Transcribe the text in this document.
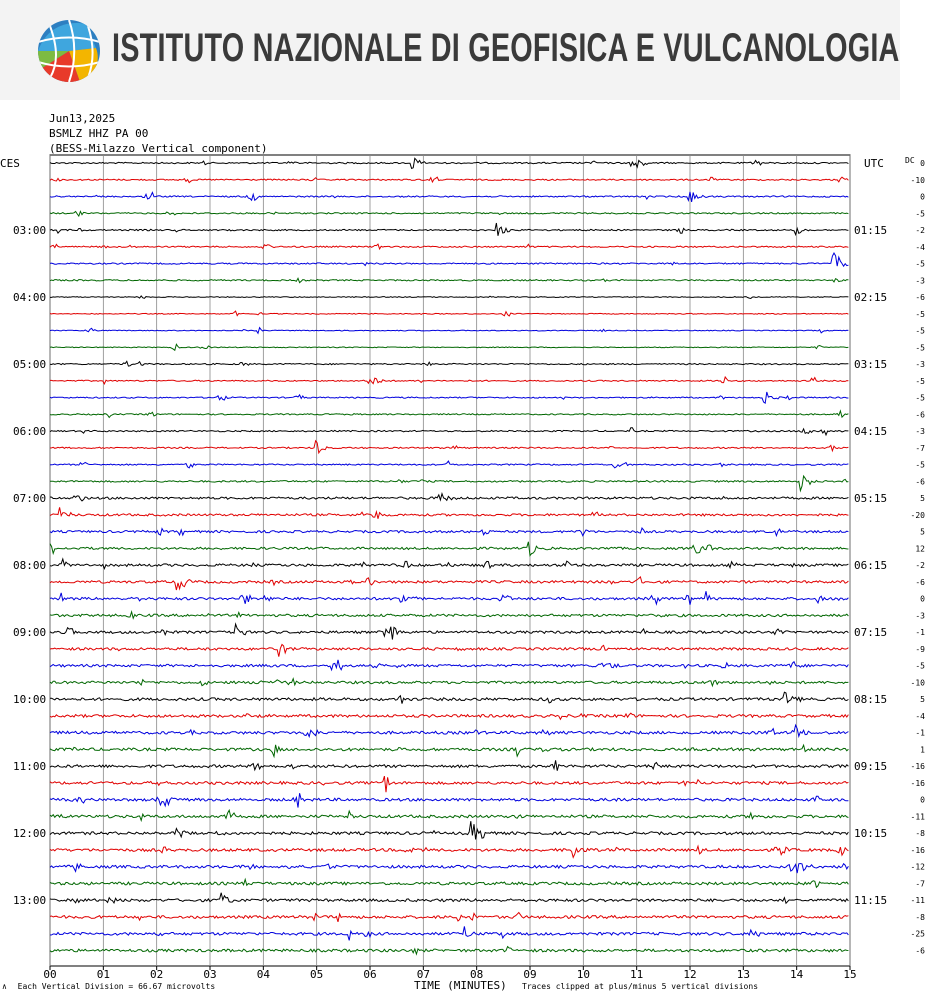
ISTITUTO NAZIONALE DI GEOFISICA E VULCANOLOGIA
Jun13,2025
BSMLZ HHZ PA 00
(BESS-Milazzo Vertical component)
CES	UTC	DC
00	01	02	03	04	05	06	07	08	09	10	11	12	13	14	15
03:00
04:00
05:00
06:00
07:00
08:00
09:00
10:00
11:00
12:00
13:00
01:15
02:15
03:15
04:15
05:15
06:15
07:15
08:15
09:15
10:15
11:15
0
-10
0
-5
-2
-4
-5
-3
-6
-5
-5
-5
-3
-5
-5
-6
-3
-7
-5
-6
5
-20
5
12
-2
-6
0
-3
-1
-9
-5
-10
5
-4
-1
1
-16
-16
0
-11
-8
-16
-12
-7
-11
-8
-25
-6
∧ Each Vertical Division = 66.67 microvolts	TIME (MINUTES) Traces clipped at plus/minus 5 vertical divisions
